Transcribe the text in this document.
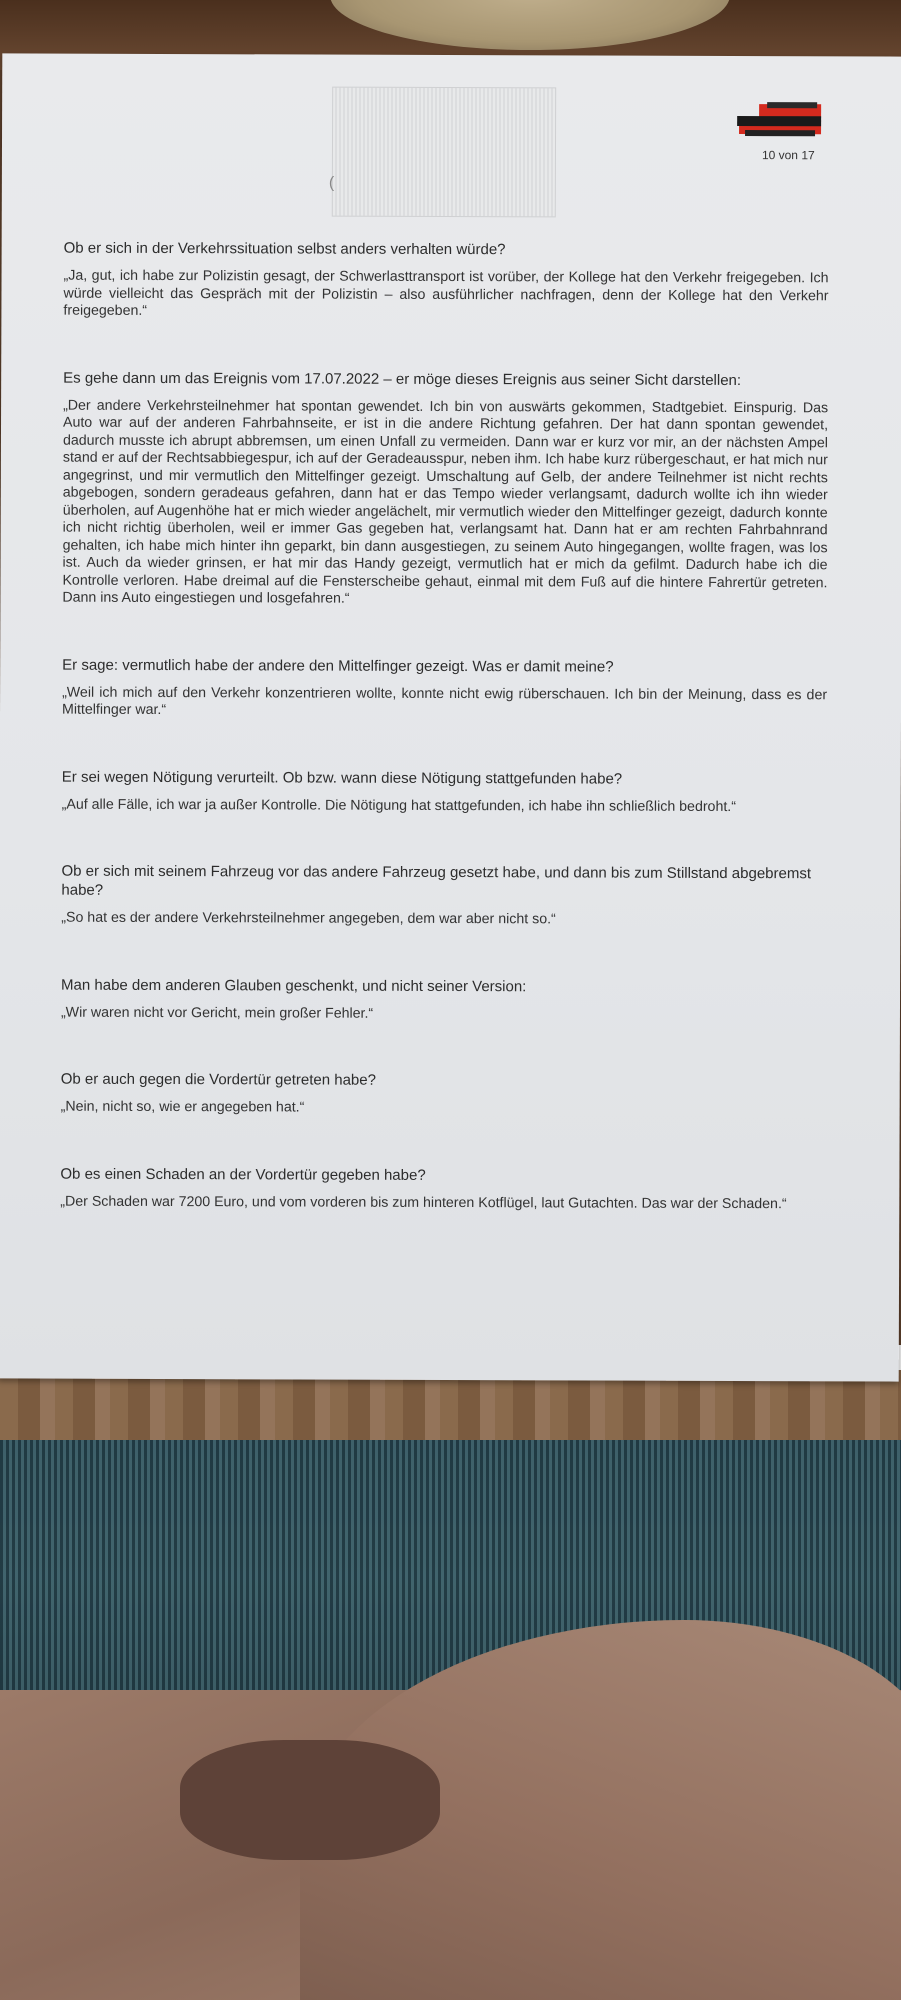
(
10 von 17

Ob er sich in der Verkehrssituation selbst anders verhalten würde?

„Ja, gut, ich habe zur Polizistin gesagt, der Schwerlasttransport ist vorüber, der Kollege hat den Verkehr freigegeben. Ich würde vielleicht das Gespräch mit der Polizistin – also ausführlicher nachfragen, denn der Kollege hat den Verkehr freigegeben.“

Es gehe dann um das Ereignis vom 17.07.2022 – er möge dieses Ereignis aus seiner Sicht darstellen:

„Der andere Verkehrsteilnehmer hat spontan gewendet. Ich bin von auswärts gekommen, Stadtgebiet. Einspurig. Das Auto war auf der anderen Fahrbahnseite, er ist in die andere Richtung gefahren. Der hat dann spontan gewendet, dadurch musste ich abrupt abbremsen, um einen Unfall zu vermeiden. Dann war er kurz vor mir, an der nächsten Ampel stand er auf der Rechtsabbiegespur, ich auf der Geradeausspur, neben ihm. Ich habe kurz rübergeschaut, er hat mich nur angegrinst, und mir vermutlich den Mittelfinger gezeigt. Umschaltung auf Gelb, der andere Teilnehmer ist nicht rechts abgebogen, sondern geradeaus gefahren, dann hat er das Tempo wieder verlangsamt, dadurch wollte ich ihn wieder überholen, auf Augenhöhe hat er mich wieder angelächelt, mir vermutlich wieder den Mittelfinger gezeigt, dadurch konnte ich nicht richtig überholen, weil er immer Gas gegeben hat, verlangsamt hat. Dann hat er am rechten Fahrbahnrand gehalten, ich habe mich hinter ihn geparkt, bin dann ausgestiegen, zu seinem Auto hingegangen, wollte fragen, was los ist. Auch da wieder grinsen, er hat mir das Handy gezeigt, vermutlich hat er mich da gefilmt. Dadurch habe ich die Kontrolle verloren. Habe dreimal auf die Fensterscheibe gehaut, einmal mit dem Fuß auf die hintere Fahrertür getreten. Dann ins Auto eingestiegen und losgefahren.“

Er sage: vermutlich habe der andere den Mittelfinger gezeigt. Was er damit meine?

„Weil ich mich auf den Verkehr konzentrieren wollte, konnte nicht ewig rüberschauen. Ich bin der Meinung, dass es der Mittelfinger war.“

Er sei wegen Nötigung verurteilt. Ob bzw. wann diese Nötigung stattgefunden habe?

„Auf alle Fälle, ich war ja außer Kontrolle. Die Nötigung hat stattgefunden, ich habe ihn schließlich bedroht.“

Ob er sich mit seinem Fahrzeug vor das andere Fahrzeug gesetzt habe, und dann bis zum Stillstand abgebremst habe?

„So hat es der andere Verkehrsteilnehmer angegeben, dem war aber nicht so.“

Man habe dem anderen Glauben geschenkt, und nicht seiner Version:

„Wir waren nicht vor Gericht, mein großer Fehler.“

Ob er auch gegen die Vordertür getreten habe?

„Nein, nicht so, wie er angegeben hat.“

Ob es einen Schaden an der Vordertür gegeben habe?

„Der Schaden war 7200 Euro, und vom vorderen bis zum hinteren Kotflügel, laut Gutachten. Das war der Schaden.“
